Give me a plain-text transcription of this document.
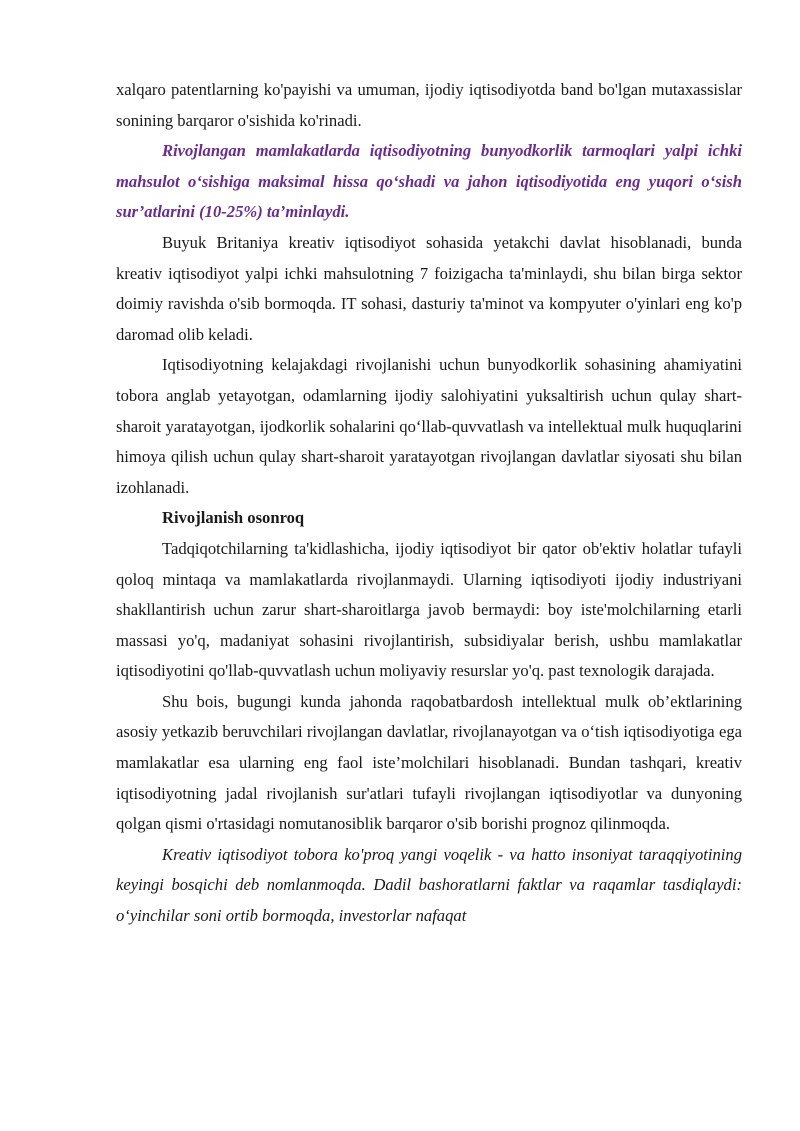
xalqaro patentlarning ko'payishi va umuman, ijodiy iqtisodiyotda band bo'lgan mutaxassislar sonining barqaror o'sishida ko'rinadi.

Rivojlangan mamlakatlarda iqtisodiyotning bunyodkorlik tarmoqlari yalpi ichki mahsulot o‘sishiga maksimal hissa qo‘shadi va jahon iqtisodiyotida eng yuqori o‘sish sur’atlarini (10-25%) ta’minlaydi.

Buyuk Britaniya kreativ iqtisodiyot sohasida yetakchi davlat hisoblanadi, bunda kreativ iqtisodiyot yalpi ichki mahsulotning 7 foizigacha ta'minlaydi, shu bilan birga sektor doimiy ravishda o'sib bormoqda. IT sohasi, dasturiy ta'minot va kompyuter o'yinlari eng ko'p daromad olib keladi.

Iqtisodiyotning kelajakdagi rivojlanishi uchun bunyodkorlik sohasining ahamiyatini tobora anglab yetayotgan, odamlarning ijodiy salohiyatini yuksaltirish uchun qulay shart-sharoit yaratayotgan, ijodkorlik sohalarini qo‘llab-quvvatlash va intellektual mulk huquqlarini himoya qilish uchun qulay shart-sharoit yaratayotgan rivojlangan davlatlar siyosati shu bilan izohlanadi.

Rivojlanish osonroq

Tadqiqotchilarning ta'kidlashicha, ijodiy iqtisodiyot bir qator ob'ektiv holatlar tufayli qoloq mintaqa va mamlakatlarda rivojlanmaydi. Ularning iqtisodiyoti ijodiy industriyani shakllantirish uchun zarur shart-sharoitlarga javob bermaydi: boy iste'molchilarning etarli massasi yo'q, madaniyat sohasini rivojlantirish, subsidiyalar berish, ushbu mamlakatlar iqtisodiyotini qo'llab-quvvatlash uchun moliyaviy resurslar yo'q. past texnologik darajada.

Shu bois, bugungi kunda jahonda raqobatbardosh intellektual mulk ob’ektlarining asosiy yetkazib beruvchilari rivojlangan davlatlar, rivojlanayotgan va o‘tish iqtisodiyotiga ega mamlakatlar esa ularning eng faol iste’molchilari hisoblanadi. Bundan tashqari, kreativ iqtisodiyotning jadal rivojlanish sur'atlari tufayli rivojlangan iqtisodiyotlar va dunyoning qolgan qismi o'rtasidagi nomutanosiblik barqaror o'sib borishi prognoz qilinmoqda.

Kreativ iqtisodiyot tobora ko'proq yangi voqelik - va hatto insoniyat taraqqiyotining keyingi bosqichi deb nomlanmoqda. Dadil bashoratlarni faktlar va raqamlar tasdiqlaydi: o‘yinchilar soni ortib bormoqda, investorlar nafaqat
